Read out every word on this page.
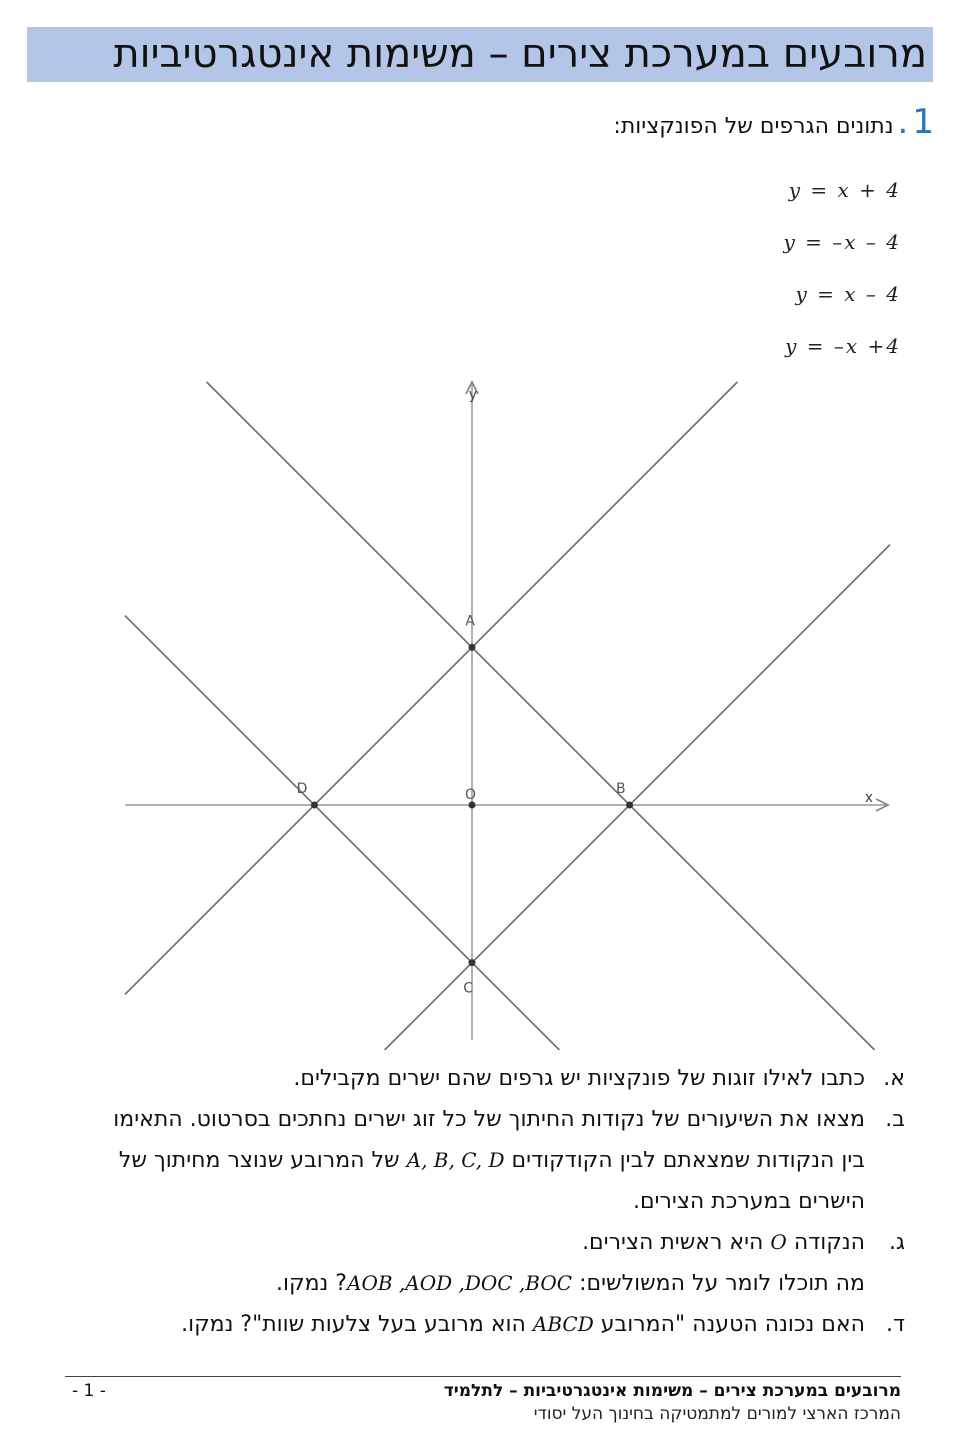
מרובעים במערכת צירים – משימות אינטגרטיביות
1
.
נתונים הגרפים של הפונקציות:
y = x + 4
y = –x – 4
y = x – 4
y = –x +4
x
y
A
B
C
D	O
א.
כתבו לאילו זוגות של פונקציות יש גרפים שהם ישרים מקבילים.
ב.
מצאו את השיעורים של נקודות החיתוך של כל זוג ישרים נחתכים בסרטוט. התאימו
בין הנקודות שמצאתם לבין הקודקודים A, B, C, D של המרובע שנוצר מחיתוך של
הישרים במערכת הצירים.
ג.
הנקודה O היא ראשית הצירים.
מה תוכלו לומר על המשולשים: AOB ,AOD ,DOC ,BOC? נמקו.
ד.
האם נכונה הטענה "המרובע ABCD הוא מרובע בעל צלעות שוות"? נמקו.
מרובעים במערכת צירים – משימות אינטגרטיביות – לתלמיד
המרכז הארצי למורים למתמטיקה בחינוך העל יסודי
- 1 -
